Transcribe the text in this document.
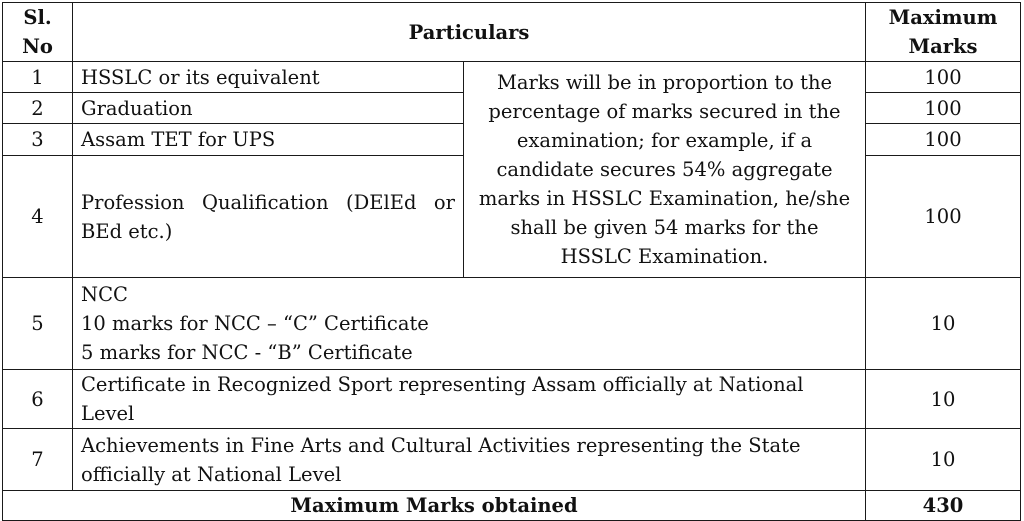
Sl.
No	Particulars		Maximum
Marks

1	HSSLC or its equivalent	Marks will be in proportion to the percentage of marks secured in the examination; for example, if a candidate secures 54% aggregate marks in HSSLC Examination, he/she shall be given 54 marks for the HSSLC Examination.	100
2	Graduation		100
3	Assam TET for UPS		100
4	Profession Qualification (DElEd or BEd etc.)		100
5	NCC
10 marks for NCC – “C” Certificate
5 marks for NCC - “B” Certificate		10
6	Certificate in Recognized Sport representing Assam officially at National Level		10
7	Achievements in Fine Arts and Cultural Activities representing the State officially at National Level		10
Maximum Marks obtained			430
